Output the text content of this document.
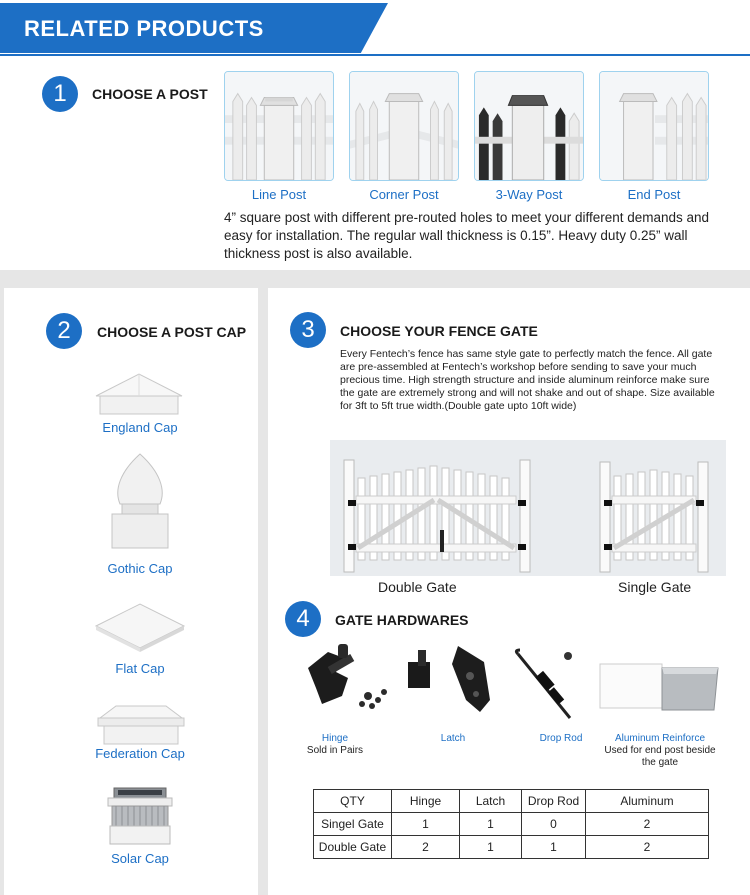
RELATED PRODUCTS
1	CHOOSE A POST
Line Post	Corner Post	3-Way Post	End Post
4” square post with different pre-routed holes to meet your different demands and easy for installation. The regular wall thickness is 0.15”. Heavy duty 0.25” wall thickness post is also available.
2	CHOOSE A POST CAP
England Cap
Gothic Cap
Flat Cap
Federation Cap
Solar Cap
3	CHOOSE YOUR FENCE GATE
Every Fentech’s fence has same style gate to perfectly match the fence. All gate are pre-assembled at Fentech’s workshop before sending to save your much precious time. High strength structure and inside aluminum reinforce make sure the gate are extremely strong and will not shake and out of shape. Size available for 3ft to 5ft true width.(Double gate upto 10ft wide)
Double Gate	Single Gate
4	GATE HARDWARES
Hinge
Sold in Pairs
Latch	Drop Rod	Aluminum Reinforce
Used for end post beside the gate
QTY	Hinge	Latch	Drop Rod	Aluminum
Singel Gate	1	1	0	2
Double Gate	2	1	1	2
